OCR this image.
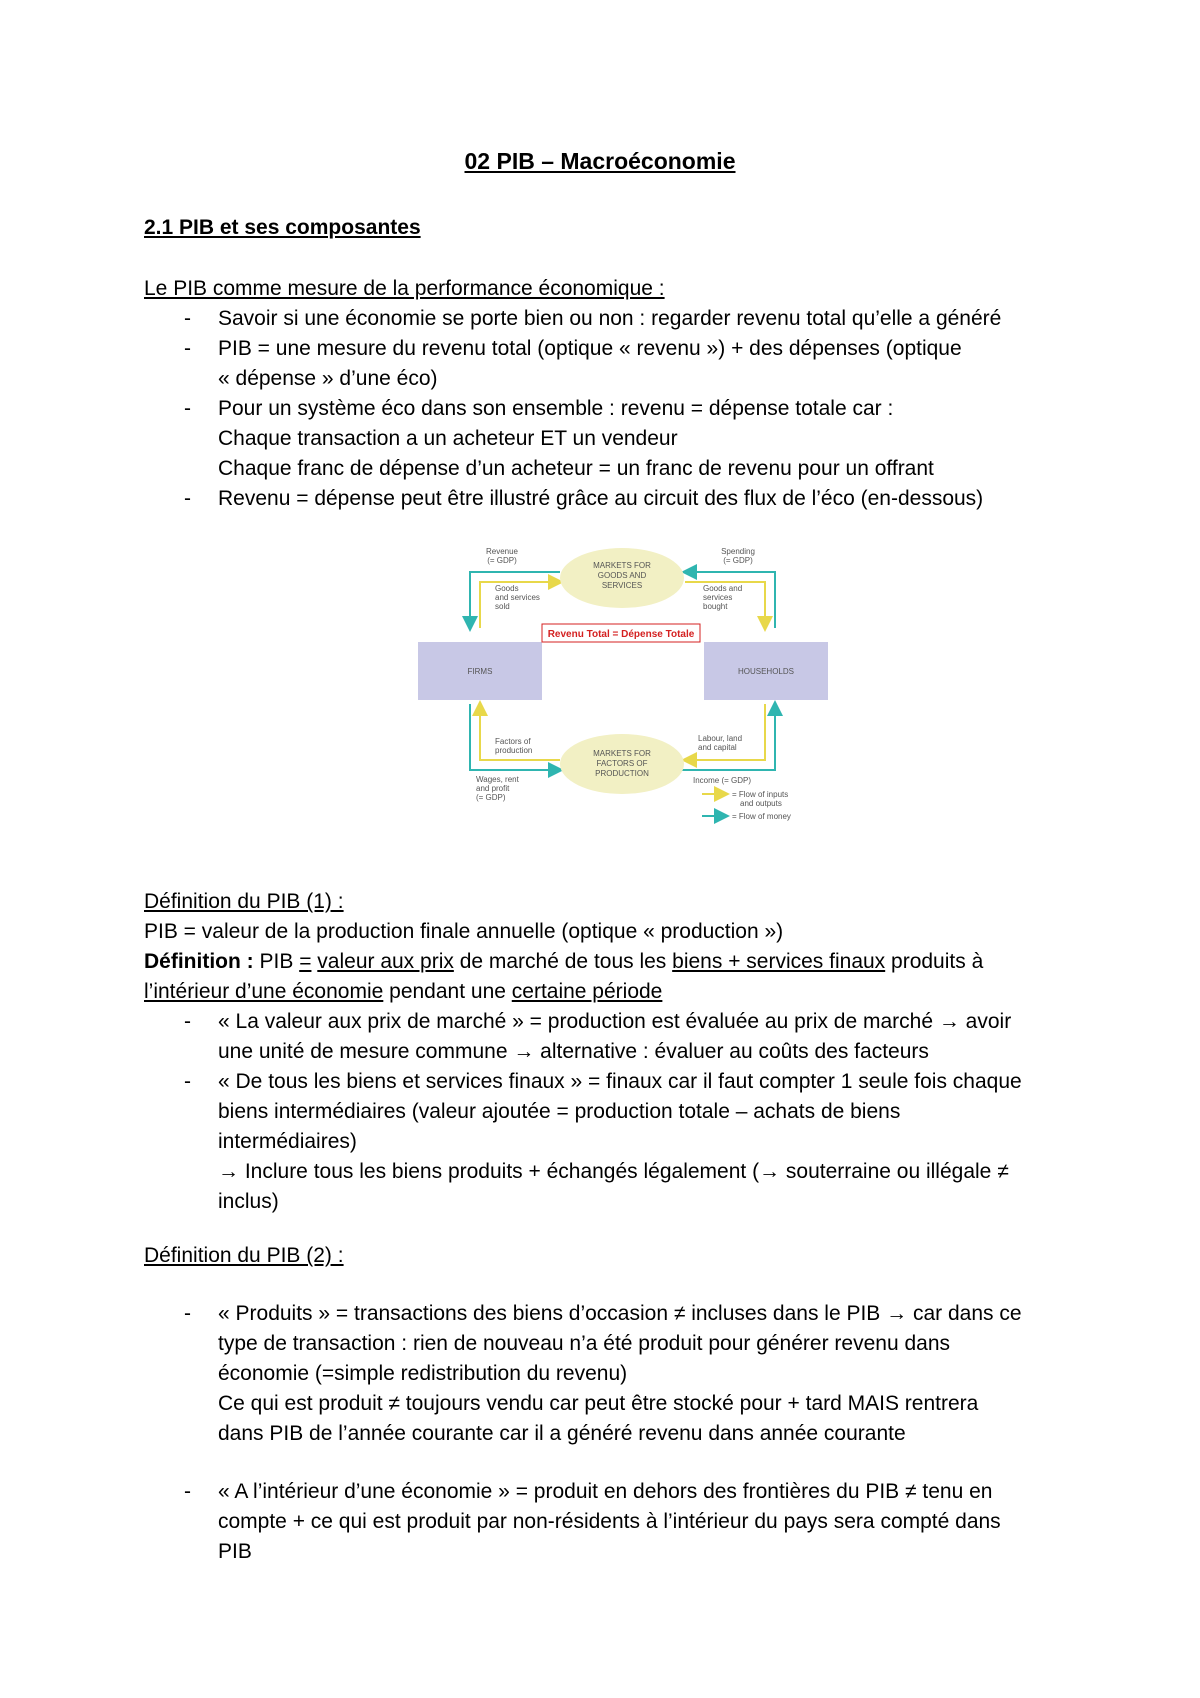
02 PIB – Macroéconomie
2.1 PIB et ses composantes
Le PIB comme mesure de la performance économique :
- Savoir si une économie se porte bien ou non : regarder revenu total qu’elle a généré
- PIB = une mesure du revenu total (optique « revenu ») + des dépenses (optique
« dépense » d’une éco)
- Pour un système éco dans son ensemble : revenu = dépense totale car :
Chaque transaction a un acheteur ET un vendeur
Chaque franc de dépense d’un acheteur = un franc de revenu pour un offrant
- Revenu = dépense peut être illustré grâce au circuit des flux de l’éco (en-dessous)
MARKETS FOR
GOODS AND
SERVICES
MARKETS FOR
FACTORS OF
PRODUCTION
FIRMS	HOUSEHOLDS
Revenu Total = Dépense Totale
Revenue
(= GDP)
Spending
(= GDP)
Goods
and services
sold
Goods and
services
bought
Factors of
production
Labour, land
and capital
Wages, rent
and profit
(= GDP)
Income (= GDP)
= Flow of inputs
and outputs
= Flow of money
Définition du PIB (1) :
PIB = valeur de la production finale annuelle (optique « production »)
Définition : PIB = valeur aux prix de marché de tous les biens + services finaux produits à
l’intérieur d’une économie pendant une certaine période
- « La valeur aux prix de marché » = production est évaluée au prix de marché → avoir
une unité de mesure commune → alternative : évaluer au coûts des facteurs
- « De tous les biens et services finaux » = finaux car il faut compter 1 seule fois chaque
biens intermédiaires (valeur ajoutée = production totale – achats de biens
intermédiaires)
→ Inclure tous les biens produits + échangés légalement (→ souterraine ou illégale ≠
inclus)
Définition du PIB (2) :
- « Produits » = transactions des biens d’occasion ≠ incluses dans le PIB → car dans ce
type de transaction : rien de nouveau n’a été produit pour générer revenu dans
économie (=simple redistribution du revenu)
Ce qui est produit ≠ toujours vendu car peut être stocké pour + tard MAIS rentrera
dans PIB de l’année courante car il a généré revenu dans année courante
- « A l’intérieur d’une économie » = produit en dehors des frontières du PIB ≠ tenu en
compte + ce qui est produit par non-résidents à l’intérieur du pays sera compté dans
PIB
